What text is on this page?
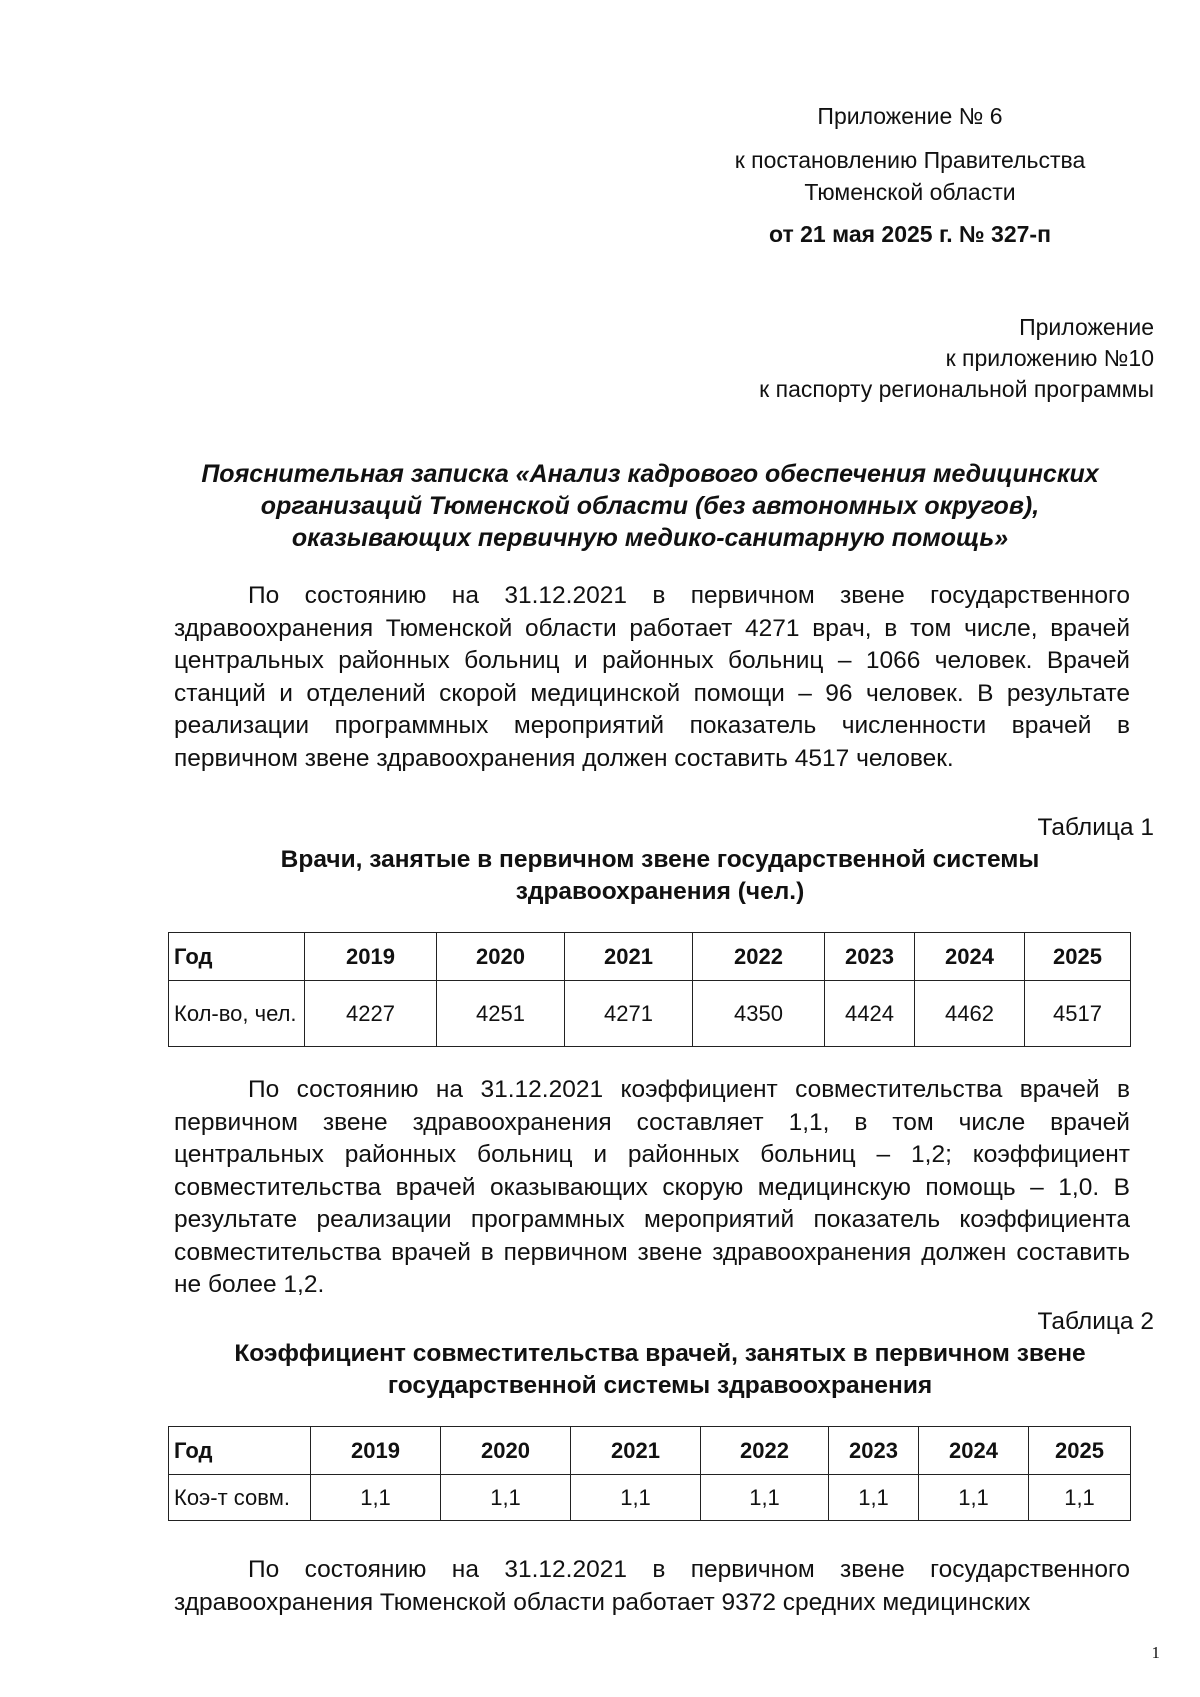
Приложение № 6
к постановлению Правительства
Тюменской области
от 21 мая 2025 г. № 327-п
Приложение
к приложению №10
к паспорту региональной программы
Пояснительная записка «Анализ кадрового обеспечения медицинских организаций Тюменской области (без автономных округов), оказывающих первичную медико-санитарную помощь»

По состоянию на 31.12.2021 в первичном звене государственного здравоохранения Тюменской области работает 4271 врач, в том числе, врачей центральных районных больниц и районных больниц – 1066 человек. Врачей станций и отделений скорой медицинской помощи – 96 человек. В результате реализации программных мероприятий показатель численности врачей в первичном звене здравоохранения должен составить 4517 человек.

Таблица 1
Врачи, занятые в первичном звене государственной системы здравоохранения (чел.)
Год	2019	2020	2021	2022	2023	2024	2025
Кол-во, чел.	4227	4251	4271	4350	4424	4462	4517

По состоянию на 31.12.2021 коэффициент совместительства врачей в первичном звене здравоохранения составляет 1,1, в том числе врачей центральных районных больниц и районных больниц – 1,2; коэффициент совместительства врачей оказывающих скорую медицинскую помощь – 1,0. В результате реализации программных мероприятий показатель коэффициента совместительства врачей в первичном звене здравоохранения должен составить не более 1,2.

Таблица 2
Коэффициент совместительства врачей, занятых в первичном звене государственной системы здравоохранения
Год	2019	2020	2021	2022	2023	2024	2025
Коэ-т совм.	1,1	1,1	1,1	1,1	1,1	1,1	1,1

По состоянию на 31.12.2021 в первичном звене государственного здравоохранения Тюменской области работает 9372 средних медицинских

1
